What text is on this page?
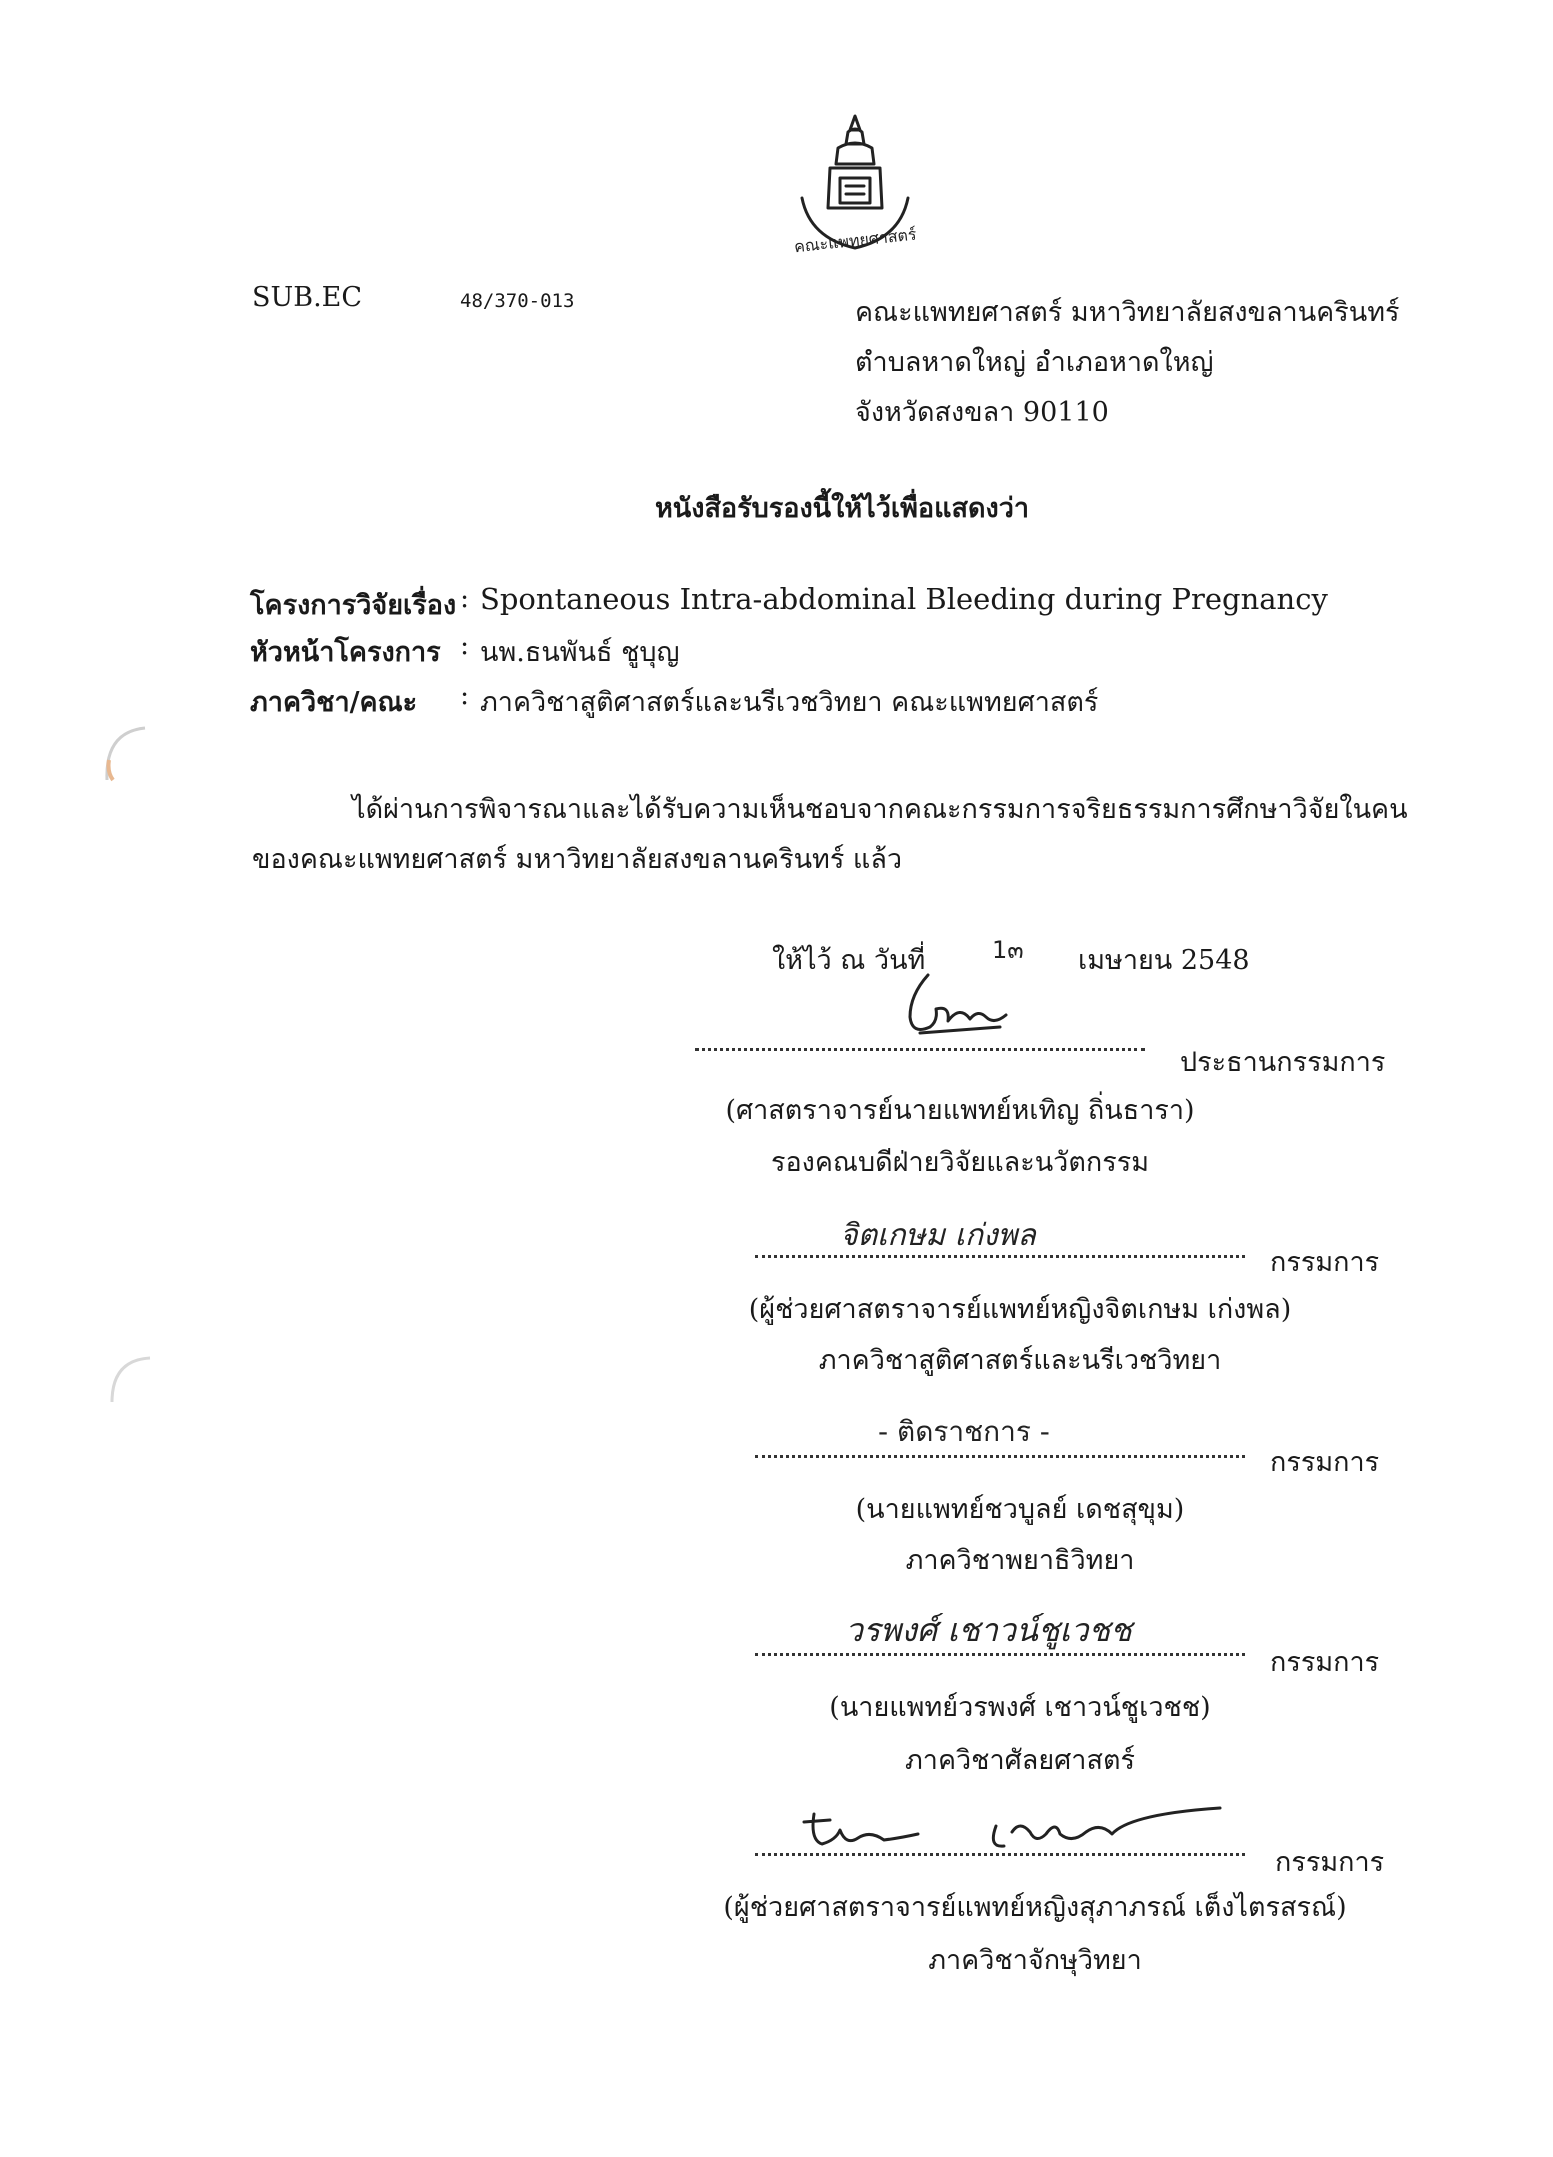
คณะแพทยศาสตร์
SUB.EC	48/370-013	คณะแพทยศาสตร์ มหาวิทยาลัยสงขลานครินทร์
ตำบลหาดใหญ่ อำเภอหาดใหญ่
จังหวัดสงขลา 90110
หนังสือรับรองนี้ให้ไว้เพื่อแสดงว่า
โครงการวิจัยเรื่อง : Spontaneous Intra-abdominal Bleeding during Pregnancy
หัวหน้าโครงการ : นพ.ธนพันธ์ ชูบุญ
ภาควิชา/คณะ : ภาควิชาสูติศาสตร์และนรีเวชวิทยา คณะแพทยศาสตร์
ได้ผ่านการพิจารณาและได้รับความเห็นชอบจากคณะกรรมการจริยธรรมการศึกษาวิจัยในคน
ของคณะแพทยศาสตร์ มหาวิทยาลัยสงขลานครินทร์ แล้ว
ให้ไว้ ณ วันที่	1๓ เมษายน 2548
ประธานกรรมการ
(ศาสตราจารย์นายแพทย์หเทิญ ถิ่นธารา)
รองคณบดีฝ่ายวิจัยและนวัตกรรม
จิตเกษม เก่งพล
กรรมการ
(ผู้ช่วยศาสตราจารย์แพทย์หญิงจิตเกษม เก่งพล)
ภาควิชาสูติศาสตร์และนรีเวชวิทยา
- ติดราชการ -
กรรมการ
(นายแพทย์ชวบูลย์ เดชสุขุม)
ภาควิชาพยาธิวิทยา
วรพงศ์ เชาวน์ชูเวชช
กรรมการ
(นายแพทย์วรพงศ์ เชาวน์ชูเวชช)
ภาควิชาศัลยศาสตร์
กรรมการ
(ผู้ช่วยศาสตราจารย์แพทย์หญิงสุภาภรณ์ เต็งไตรสรณ์)
ภาควิชาจักษุวิทยา
